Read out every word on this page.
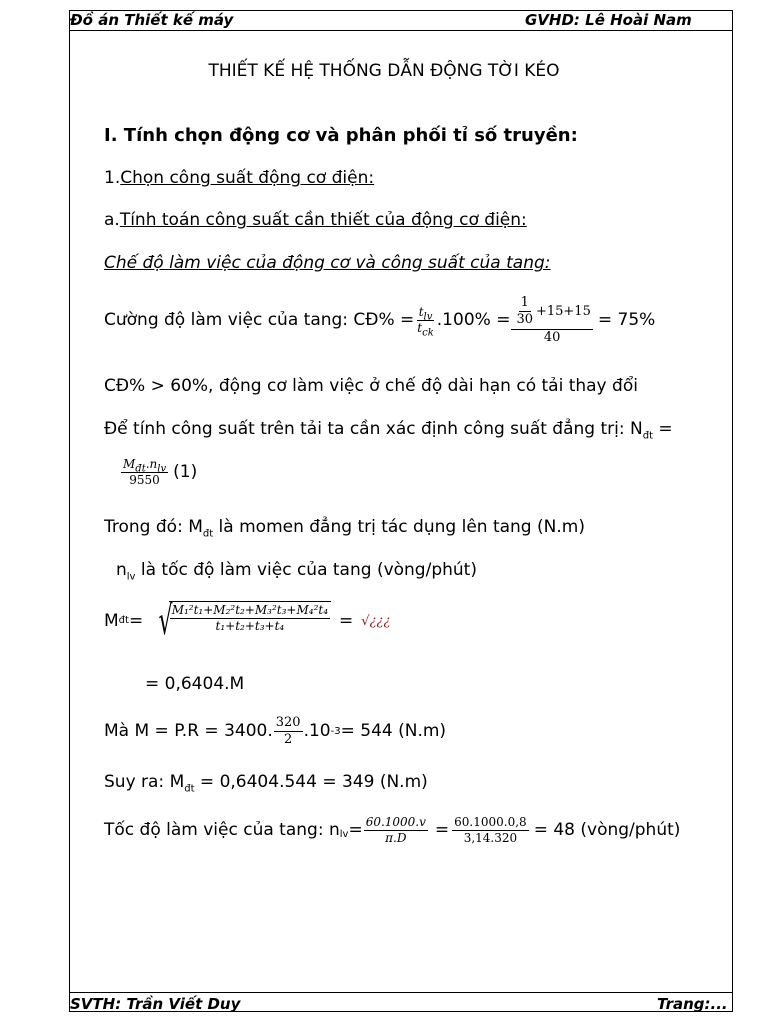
Đồ án Thiết kế máy	GVHD: Lê Hoài Nam
THIẾT KẾ HỆ THỐNG DẪN ĐỘNG TỜI KÉO
I. Tính chọn động cơ và phân phối tỉ số truyền:
1.Chọn công suất động cơ điện:
a.Tính toán công suất cần thiết của động cơ điện:
Chế độ làm việc của động cơ và công suất của tang:
Cường độ làm việc của tang: CĐ% = $\frac{t_{lv}}{t_{ck}} .100\% = \frac{\frac{1}{30} +15+15}{40} = 75\%$
CĐ% > 60%, động cơ làm việc ở chế độ dài hạn có tải thay đổi
Để tính công suất trên tải ta cần xác định công suất đẳng trị: $N_{đt}$ =
$\frac{M_{đt}.n_{lv}}{9550} (1)$
Trong đó: $M_{đt}$ là momen đẳng trị tác dụng lên tang (N.m)
$n_{lv}$ là tốc độ làm việc của tang (vòng/phút)
M đt = √
$\frac{\text{M₁²t₁+M₂²t₂+M₃²t₃+M₄²t₄}}{\text{t₁+t₂+t₃+t₄}}$ = √¿¿¿
= 0,6404.M
Mà M = P.R = 3400. $\frac{320}{2} .10$ -3 = 544 (N.m)
Suy ra: $M_{đt} = 0,6404.544 = 349$ (N.m)
Tốc độ làm việc của tang: n lv = $\frac{60.1000.v}{\pi.D} = \frac{60.1000.0,8}{3,14.320} = 48$ (vòng/phút)
SVTH: Trần Viết Duy	Trang:...
